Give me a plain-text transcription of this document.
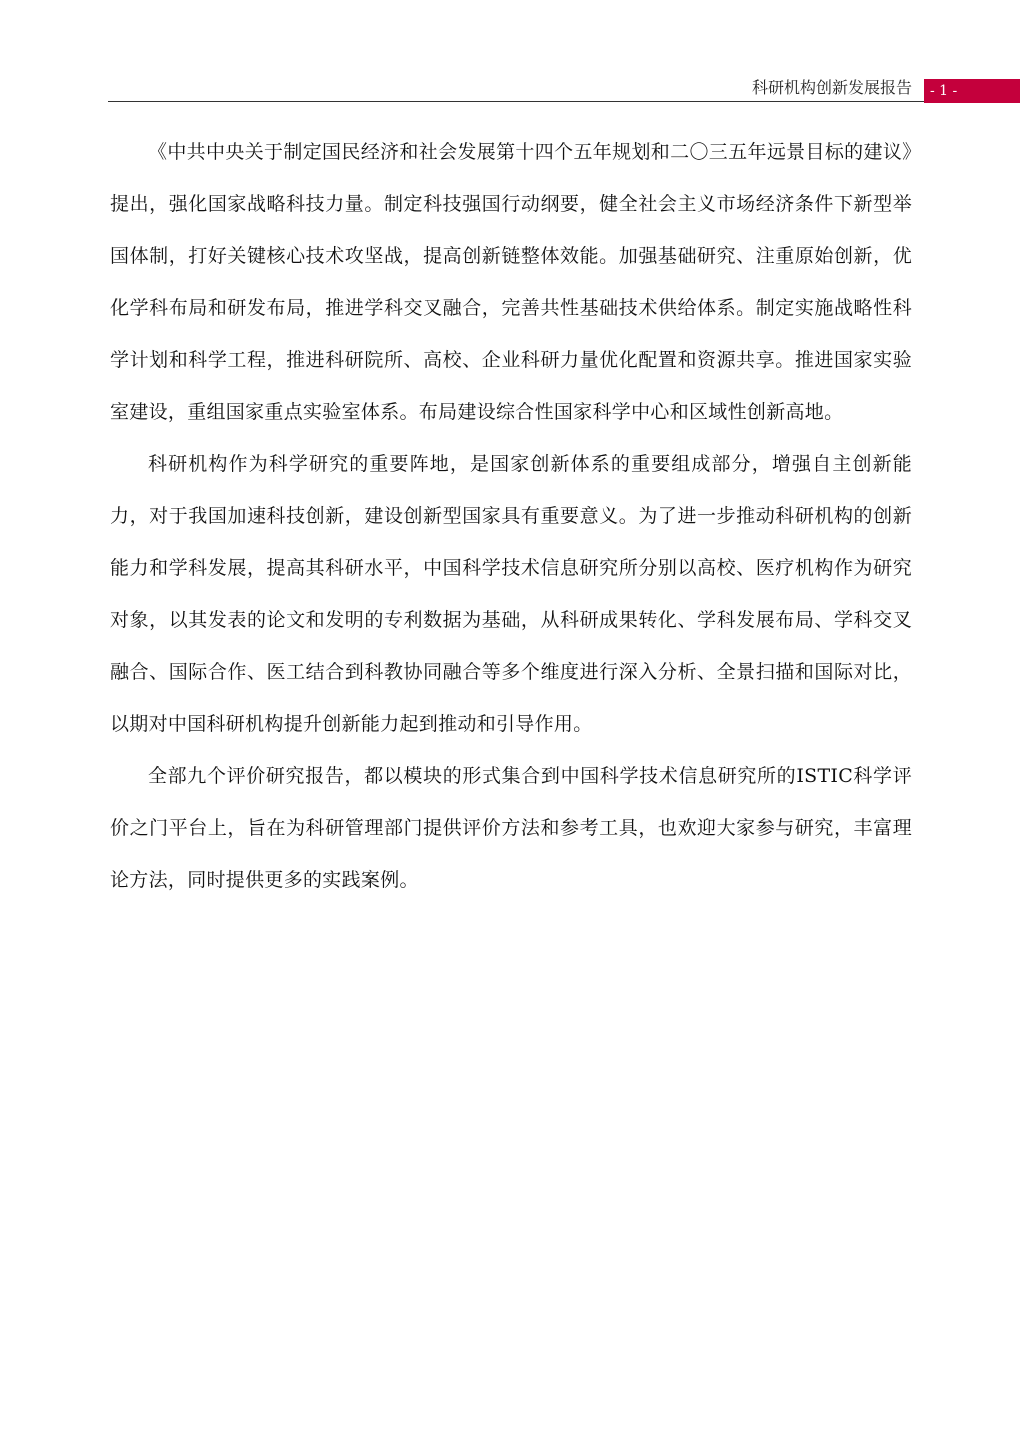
科研机构创新发展报告	- 1 -

《中共中央关于制定国民经济和社会发展第十四个五年规划和二〇三五年远景目标的建议》提出，强化国家战略科技力量。制定科技强国行动纲要，健全社会主义市场经济条件下新型举国体制，打好关键核心技术攻坚战，提高创新链整体效能。加强基础研究、注重原始创新，优化学科布局和研发布局，推进学科交叉融合，完善共性基础技术供给体系。制定实施战略性科学计划和科学工程，推进科研院所、高校、企业科研力量优化配置和资源共享。推进国家实验室建设，重组国家重点实验室体系。布局建设综合性国家科学中心和区域性创新高地。

科研机构作为科学研究的重要阵地，是国家创新体系的重要组成部分，增强自主创新能力，对于我国加速科技创新，建设创新型国家具有重要意义。为了进一步推动科研机构的创新能力和学科发展，提高其科研水平，中国科学技术信息研究所分别以高校、医疗机构作为研究对象，以其发表的论文和发明的专利数据为基础，从科研成果转化、学科发展布局、学科交叉融合、国际合作、医工结合到科教协同融合等多个维度进行深入分析、全景扫描和国际对比，以期对中国科研机构提升创新能力起到推动和引导作用。

全部九个评价研究报告，都以模块的形式集合到中国科学技术信息研究所的ISTIC科学评价之门平台上，旨在为科研管理部门提供评价方法和参考工具，也欢迎大家参与研究，丰富理论方法，同时提供更多的实践案例。
